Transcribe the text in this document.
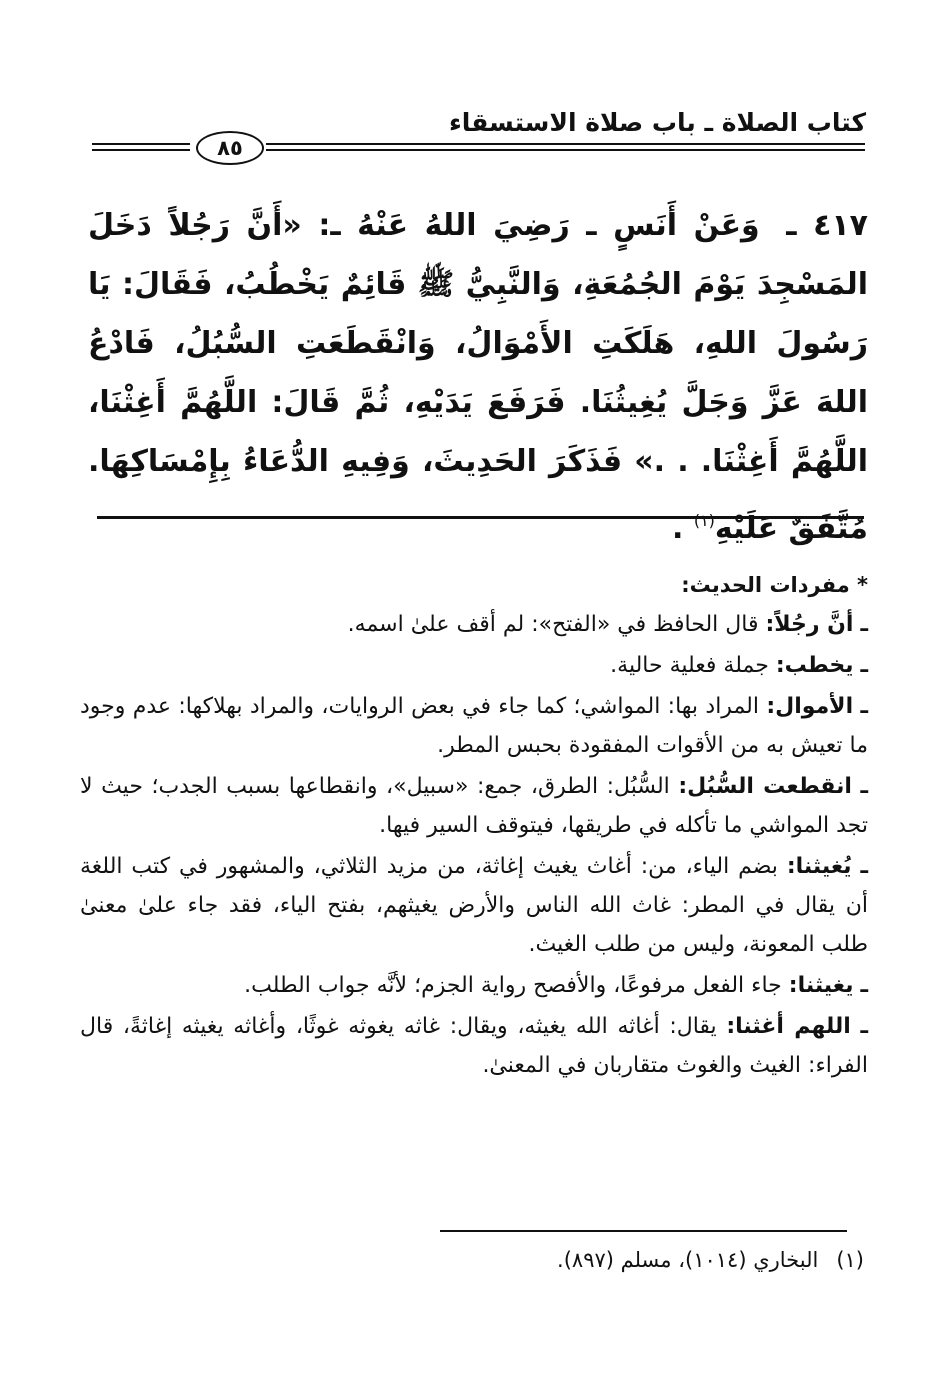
كتاب الصلاة ـ باب صلاة الاستسقاء
٨٥
٤١٧ ـ وَعَنْ أَنَسٍ ـ رَضِيَ اللهُ عَنْهُ ـ: «أَنَّ رَجُلاً دَخَلَ المَسْجِدَ يَوْمَ الجُمُعَةِ، وَالنَّبِيُّ ﷺ قَائِمٌ يَخْطُبُ، فَقَالَ: يَا رَسُولَ اللهِ، هَلَكَتِ الأَمْوَالُ، وَانْقَطَعَتِ السُّبُلُ، فَادْعُ اللهَ عَزَّ وَجَلَّ يُغِيثُنَا. فَرَفَعَ يَدَيْهِ، ثُمَّ قَالَ: اللَّهُمَّ أَغِثْنَا، اللَّهُمَّ أَغِثْنَا. . .» فَذَكَرَ الحَدِيثَ، وَفِيهِ الدُّعَاءُ بِإِمْسَاكِهَا. مُتَّفَقٌ عَلَيْهِ$^{(١)}$ .
* مفردات الحديث:
ـ أنَّ رجُلاً: قال الحافظ في «الفتح»: لم أقف علىٰ اسمه.
ـ يخطب: جملة فعلية حالية.
ـ الأموال: المراد بها: المواشي؛ كما جاء في بعض الروايات، والمراد بهلاكها: عدم وجود ما تعيش به من الأقوات المفقودة بحبس المطر.
ـ انقطعت السُّبُل: السُّبُل: الطرق، جمع: «سبيل»، وانقطاعها بسبب الجدب؛ حيث لا تجد المواشي ما تأكله في طريقها، فيتوقف السير فيها.
ـ يُغيثنا: بضم الياء، من: أغاث يغيث إغاثة، من مزيد الثلاثي، والمشهور في كتب اللغة أن يقال في المطر: غاث الله الناس والأرض يغيثهم، بفتح الياء، فقد جاء علىٰ معنىٰ طلب المعونة، وليس من طلب الغيث.
ـ يغيثنا: جاء الفعل مرفوعًا، والأفصح رواية الجزم؛ لأنَّه جواب الطلب.
ـ اللهم أغثنا: يقال: أغاثه الله يغيثه، ويقال: غاثه يغوثه غوثًا، وأغاثه يغيثه إغاثةً، قال الفراء: الغيث والغوث متقاربان في المعنىٰ.
(١)البخاري (١٠١٤)، مسلم (٨٩٧).
